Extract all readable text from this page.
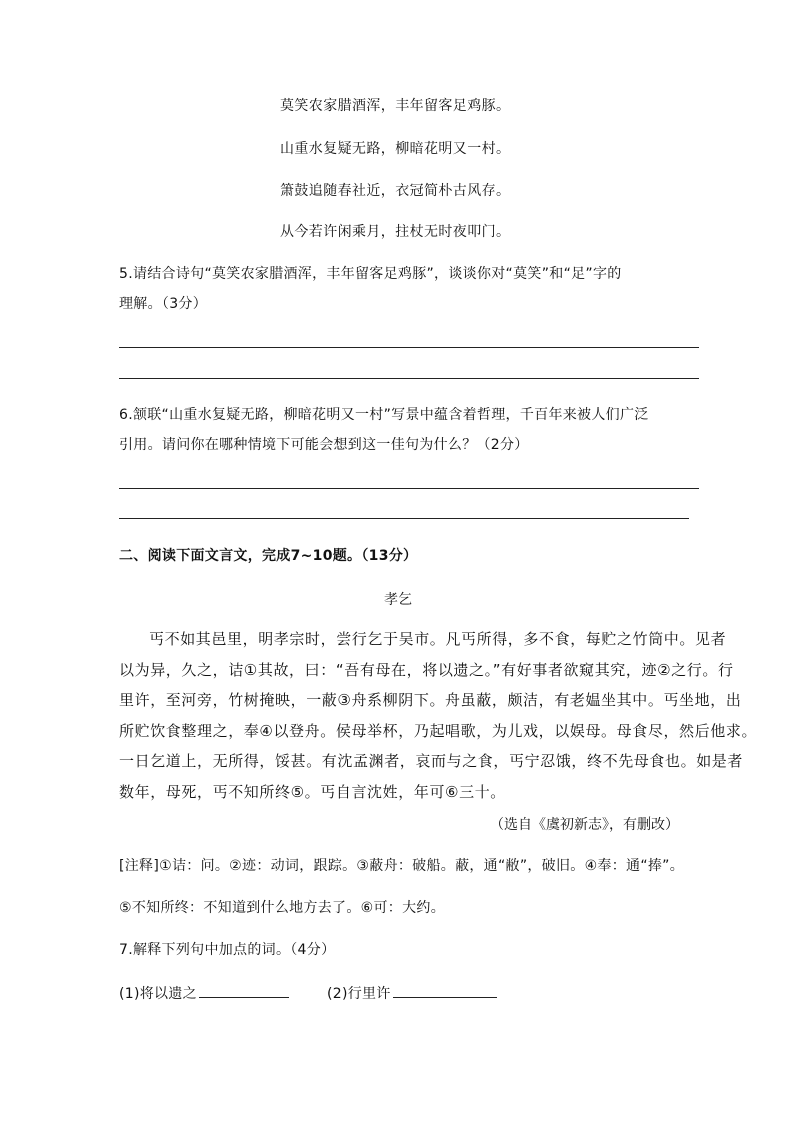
莫笑农家腊酒浑，丰年留客足鸡豚。
山重水复疑无路，柳暗花明又一村。
箫鼓追随春社近，衣冠简朴古风存。
从今若许闲乘月，拄杖无时夜叩门。
5.请结合诗句“莫笑农家腊酒浑，丰年留客足鸡豚”，谈谈你对“莫笑”和“足”字的
理解。（3分）
6.颔联“山重水复疑无路，柳暗花明又一村”写景中蕴含着哲理，千百年来被人们广泛
引用。请问你在哪种情境下可能会想到这一佳句为什么？（2分）
二、阅读下面文言文，完成7~10题。（13分）
孝乞
丐不如其邑里，明孝宗时，尝行乞于吴市。凡丐所得，多不食，每贮之竹筒中。见者
以为异，久之，诘①其故，曰：“吾有母在，将以遗之。”有好事者欲窥其究，迹②之行。行
里许，至河旁，竹树掩映，一蔽③舟系柳阴下。舟虽蔽，颇洁，有老媪坐其中。丐坐地，出
所贮饮食整理之，奉④以登舟。侯母举杯，乃起唱歌，为儿戏，以娱母。母食尽，然后他求。
一日乞道上，无所得，馁甚。有沈孟渊者，哀而与之食，丐宁忍饿，终不先母食也。如是者
数年，母死，丐不知所终⑤。丐自言沈姓，年可⑥三十。
（选自《虞初新志》，有删改）
[注释]①诘：问。②迹：动词，跟踪。③蔽舟：破船。蔽，通“敝”，破旧。④奉：通“捧”。
⑤不知所终：不知道到什么地方去了。⑥可：大约。
7.解释下列句中加点的词。（4分）
(1)将以遗之	(2)行里许
